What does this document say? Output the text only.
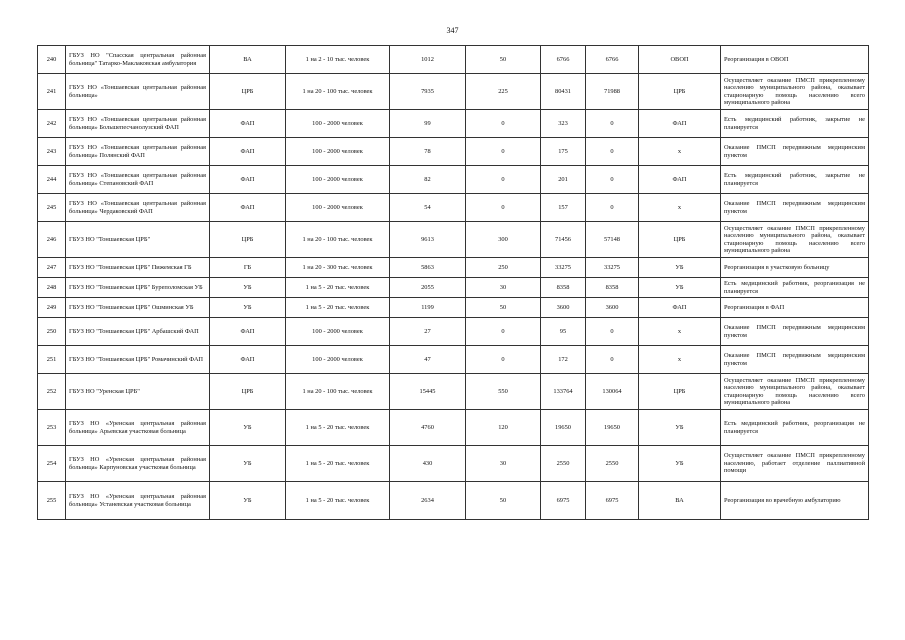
347
240	ГБУЗ НО "Спасская центральная районная больница" Татарко-Маклаковская амбулатория	ВА	1 на 2 - 10 тыс. человек	1012	50	6766	6766	ОВОП	Реорганизация в ОВОП
241	ГБУЗ НО «Тоншаевская центральная районная больница»	ЦРБ	1 на 20 - 100 тыс. человек	7935	225	80431	71988	ЦРБ	Осуществляет оказание ПМСП прикрепленному населению муниципального района, оказывает стационарную помощь населению всего муниципального района
242	ГБУЗ НО «Тоншаевская центральная районная больница» Большепесчанолузский ФАП	ФАП	100 - 2000 человек	99	0	323	0	ФАП	Есть медицинский работник, закрытие не планируется
243	ГБУЗ НО «Тоншаевская центральная районная больница» Полянский ФАП	ФАП	100 - 2000 человек	78	0	175	0	х	Оказание ПМСП передвижным медицинским пунктом
244	ГБУЗ НО «Тоншаевская центральная районная больница» Степановский ФАП	ФАП	100 - 2000 человек	82	0	201	0	ФАП	Есть медицинский работник, закрытие не планируется
245	ГБУЗ НО «Тоншаевская центральная районная больница» Чердаковский ФАП	ФАП	100 - 2000 человек	54	0	157	0	х	Оказание ПМСП передвижным медицинским пунктом
246	ГБУЗ НО "Тоншаевская ЦРБ"	ЦРБ	1 на 20 - 100 тыс. человек	9613	300	71456	57148	ЦРБ	Осуществляет оказание ПМСП прикрепленному населению муниципального района, оказывает стационарную помощь населению всего муниципального района
247	ГБУЗ НО "Тоншаевская ЦРБ" Пижемская ГБ	ГБ	1 на 20 - 300 тыс. человек	5863	250	33275	33275	УБ	Реорганизация в участковую больницу
248	ГБУЗ НО "Тоншаевская ЦРБ" Буреполомская УБ	УБ	1 на 5 - 20 тыс. человек	2055	30	8358	8358	УБ	Есть медицинский работник, реорганизация не планируется
249	ГБУЗ НО "Тоншаевская ЦРБ" Ошминская УБ	УБ	1 на 5 - 20 тыс. человек	1199	50	3600	3600	ФАП	Реорганизация в ФАП
250	ГБУЗ НО "Тоншаевская ЦРБ" Арбашский ФАП	ФАП	100 - 2000 человек	27	0	95	0	х	Оказание ПМСП передвижным медицинским пунктом
251	ГБУЗ НО "Тоншаевская ЦРБ" Ромачинский ФАП	ФАП	100 - 2000 человек	47	0	172	0	х	Оказание ПМСП передвижным медицинским пунктом
252	ГБУЗ НО "Уренская ЦРБ"	ЦРБ	1 на 20 - 100 тыс. человек	15445	550	133764	130064	ЦРБ	Осуществляет оказание ПМСП прикрепленному населению муниципального района, оказывает стационарную помощь населению всего муниципального района
253	ГБУЗ НО «Уренская центральная районная больница» Арьевская участковая больница	УБ	1 на 5 - 20 тыс. человек	4760	120	19650	19650	УБ	Есть медицинский работник, реорганизация не планируется
254	ГБУЗ НО «Уренская центральная районная больница» Карпуновская участковая больница	УБ	1 на 5 - 20 тыс. человек	430	30	2550	2550	УБ	Осуществляет оказание ПМСП прикрепленному населению, работает отделение паллиативной помощи
255	ГБУЗ НО «Уренская центральная районная больница» Устаневская участковая больница	УБ	1 на 5 - 20 тыс. человек	2634	50	6975	6975	ВА	Реорганизация во врачебную амбулаторию
